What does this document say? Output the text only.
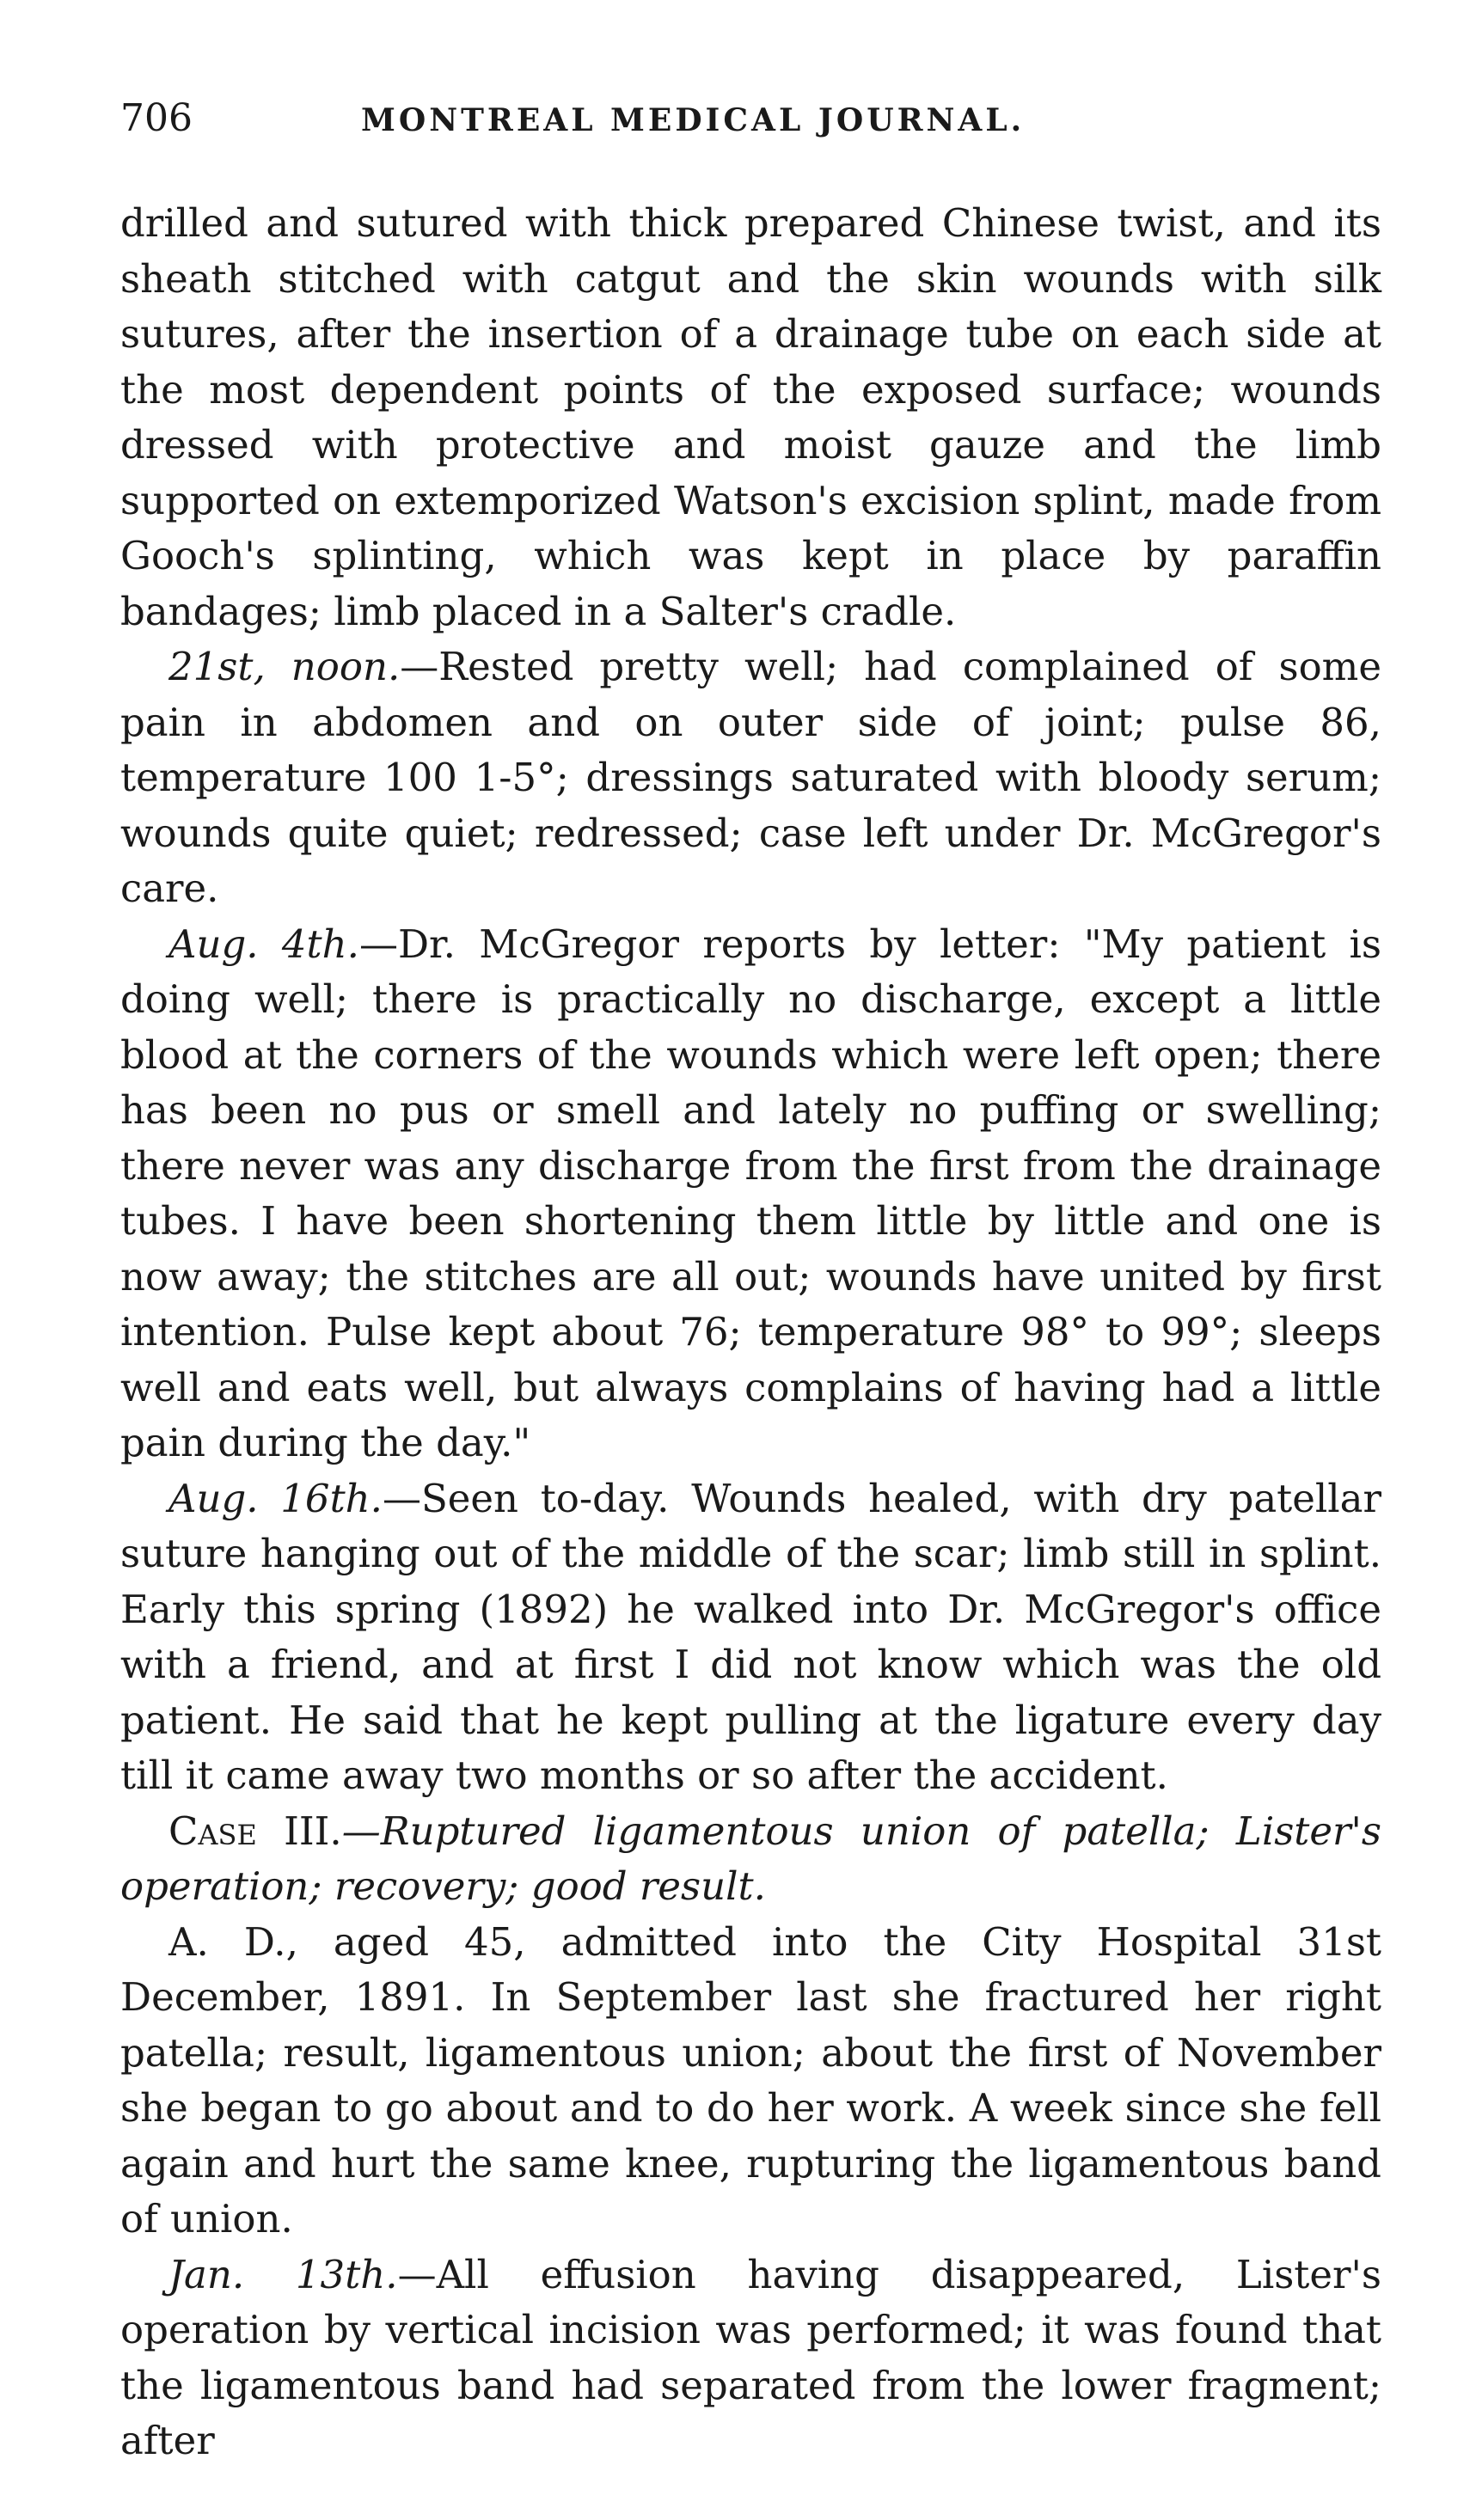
706	MONTREAL MEDICAL JOURNAL.

drilled and sutured with thick prepared Chinese twist, and its sheath stitched with catgut and the skin wounds with silk sutures, after the insertion of a drainage tube on each side at the most dependent points of the exposed surface; wounds dressed with protective and moist gauze and the limb supported on extemporized Watson's excision splint, made from Gooch's splinting, which was kept in place by paraffin bandages; limb placed in a Salter's cradle.

21st, noon.—Rested pretty well; had complained of some pain in abdomen and on outer side of joint; pulse 86, temperature 100 1-5°; dressings saturated with bloody serum; wounds quite quiet; redressed; case left under Dr. McGregor's care.

Aug. 4th.—Dr. McGregor reports by letter: "My patient is doing well; there is practically no discharge, except a little blood at the corners of the wounds which were left open; there has been no pus or smell and lately no puffing or swelling; there never was any discharge from the first from the drainage tubes. I have been shortening them little by little and one is now away; the stitches are all out; wounds have united by first intention. Pulse kept about 76; temperature 98° to 99°; sleeps well and eats well, but always complains of having had a little pain during the day."

Aug. 16th.—Seen to-day. Wounds healed, with dry patellar suture hanging out of the middle of the scar; limb still in splint. Early this spring (1892) he walked into Dr. McGregor's office with a friend, and at first I did not know which was the old patient. He said that he kept pulling at the ligature every day till it came away two months or so after the accident.

Case III.—Ruptured ligamentous union of patella; Lister's operation; recovery; good result.

A. D., aged 45, admitted into the City Hospital 31st December, 1891. In September last she fractured her right patella; result, ligamentous union; about the first of November she began to go about and to do her work. A week since she fell again and hurt the same knee, rupturing the ligamentous band of union.

Jan. 13th.—All effusion having disappeared, Lister's operation by vertical incision was performed; it was found that the ligamentous band had separated from the lower fragment; after
